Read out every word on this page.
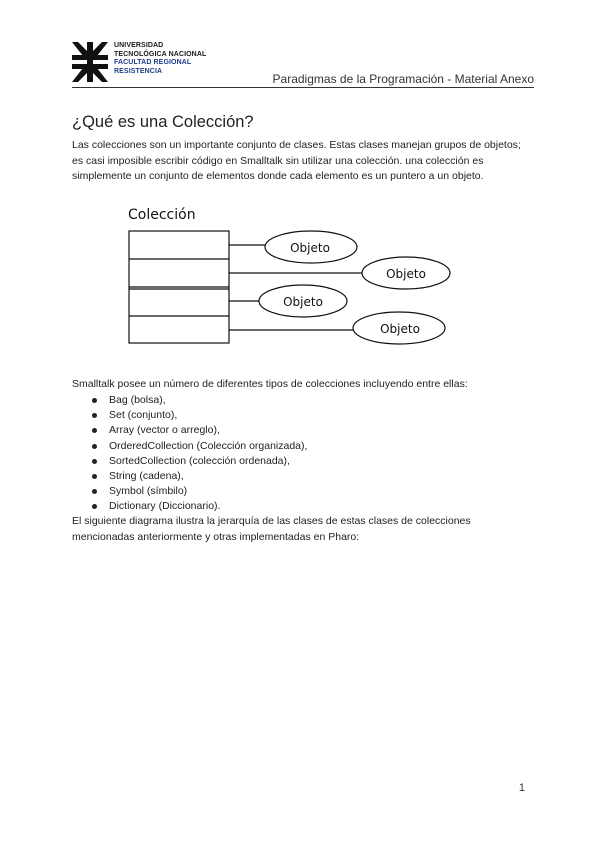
UNIVERSIDAD
TECNOLÓGICA NACIONAL
FACULTAD REGIONAL
RESISTENCIA
Paradigmas de la Programación - Material Anexo
¿Qué es una Colección?
Las colecciones son un importante conjunto de clases. Estas clases manejan grupos de objetos; es casi imposible escribir código en Smalltalk sin utilizar una colección. una colección es simplemente un conjunto de elementos donde cada elemento es un puntero a un objeto.
Colección
Objeto
Objeto
Objeto
Objeto
Smalltalk posee un número de diferentes tipos de colecciones incluyendo entre ellas:
Bag (bolsa),
Set (conjunto),
Array (vector o arreglo),
OrderedCollection (Colección organizada),
SortedCollection (colección ordenada),
String (cadena),
Symbol (símbilo)
Dictionary (Diccionario).
El siguiente diagrama ilustra la jerarquía de las clases de estas clases de colecciones mencionadas anteriormente y otras implementadas en Pharo:
1
